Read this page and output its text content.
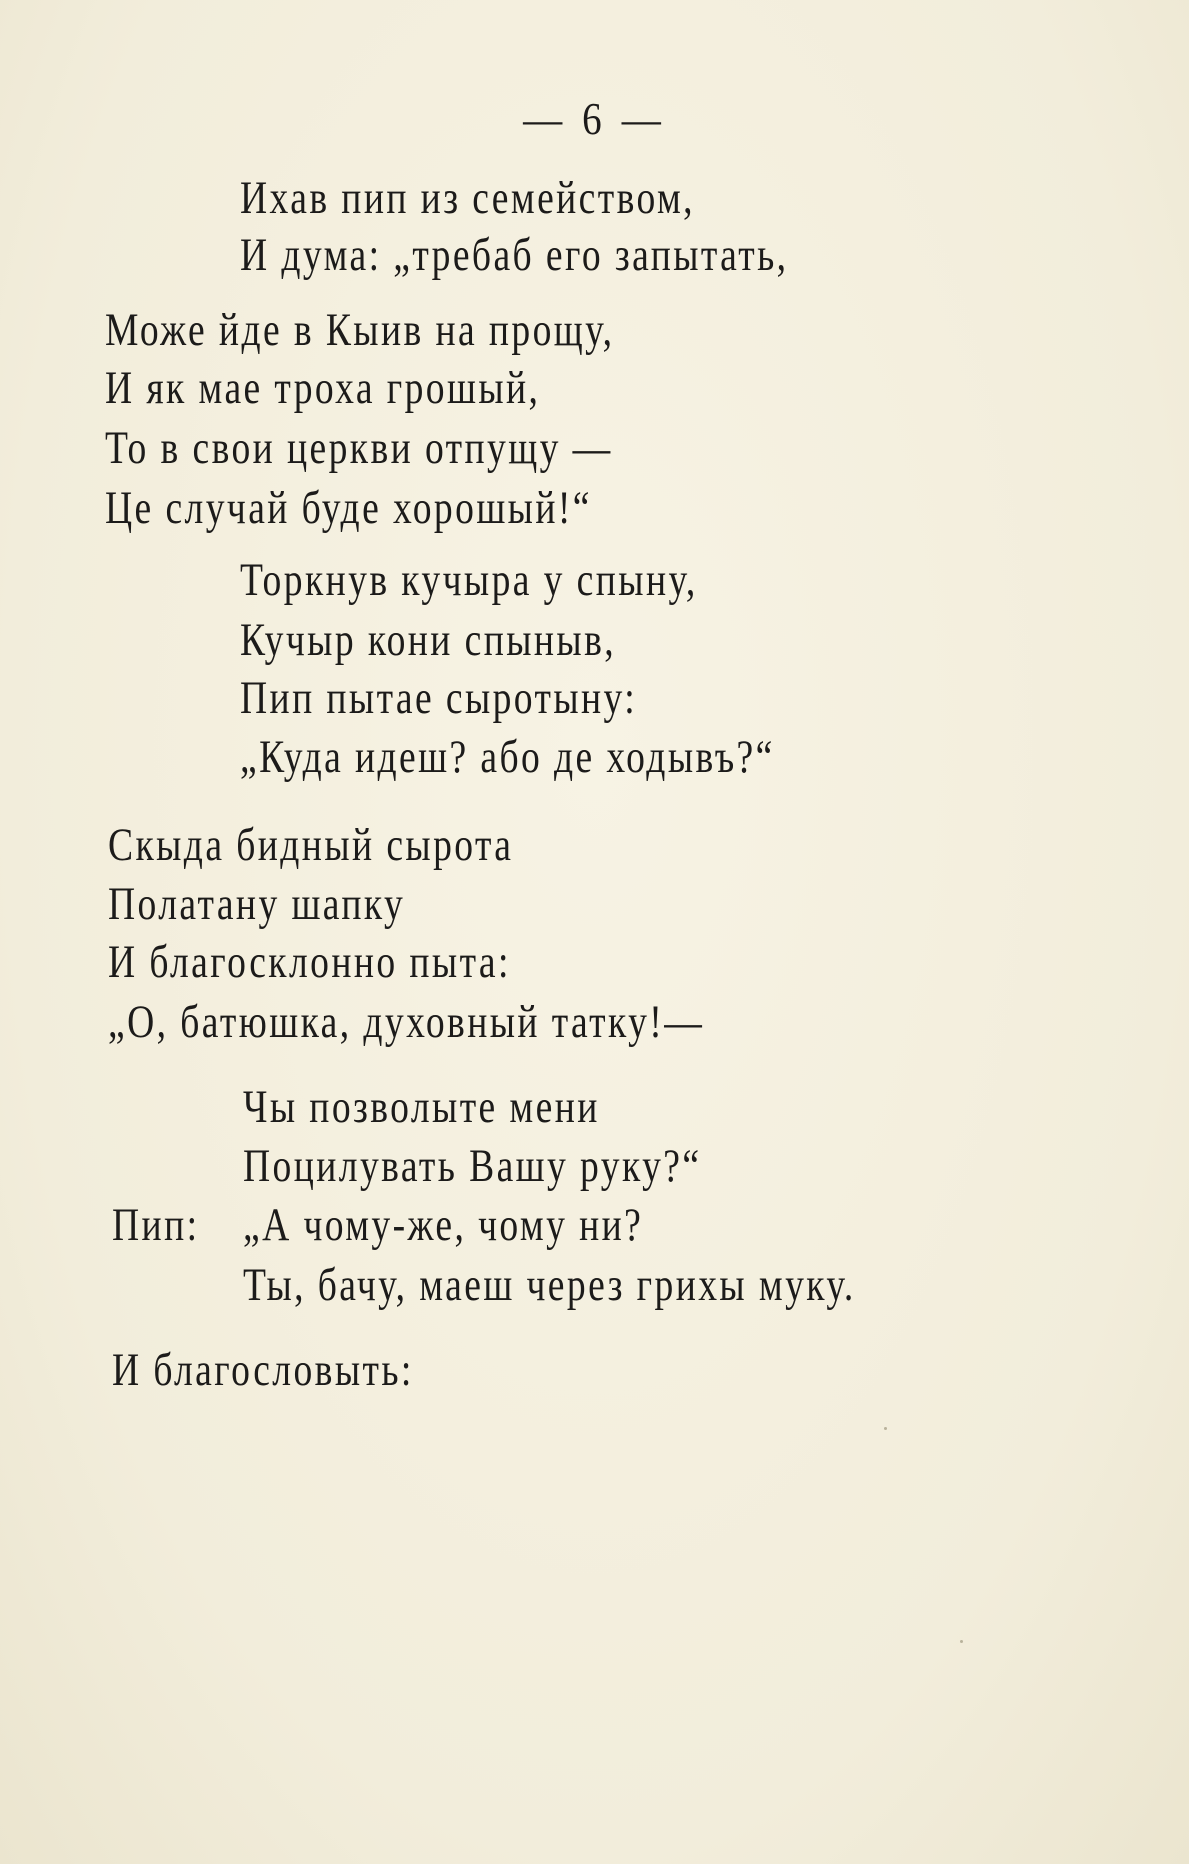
— 6 —
Ихав пип из семейством,
И дума: „требаб его запытать,
Може йде в Кыив на прощу,
И як мае троха грошый,
То в свои церкви отпущу —
Це случай буде хорошый!“
Торкнув кучыра у спыну,
Кучыр кони спыныв,
Пип пытае сыротыну:
„Куда идеш? або де ходывъ?“
Скыда бидный сырота
Полатану шапку
И благосклонно пыта:
„О, батюшка, духовный татку!—
Чы позволыте мени
Поцилувать Вашу руку?“
Пип: „А чому-же, чому ни?
Ты, бачу, маеш через грихы муку.
И благословыть:
